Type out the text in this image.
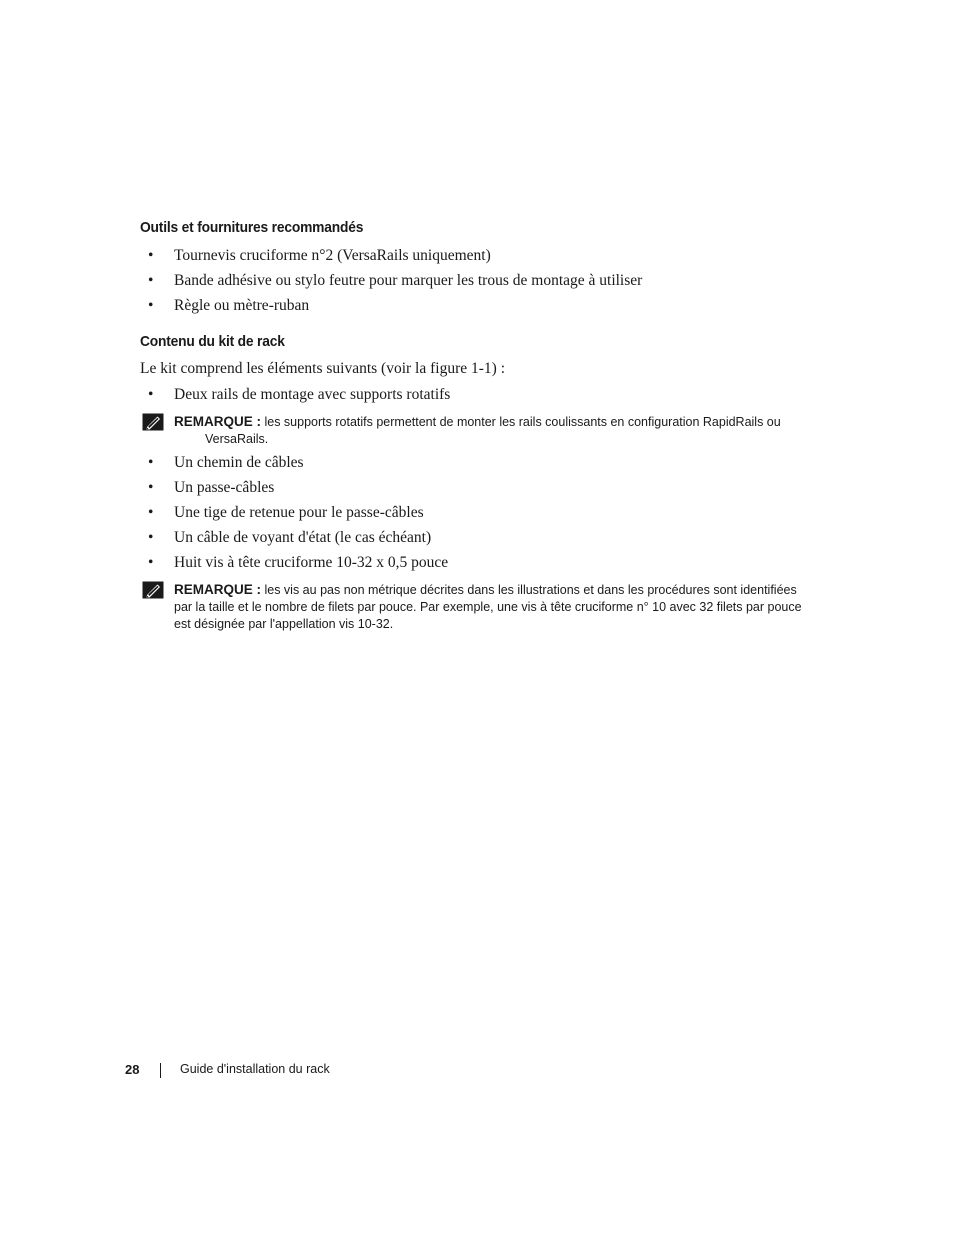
Outils et fournitures recommandés
• Tournevis cruciforme n°2 (VersaRails uniquement)
• Bande adhésive ou stylo feutre pour marquer les trous de montage à utiliser
• Règle ou mètre-ruban
Contenu du kit de rack

Le kit comprend les éléments suivants (voir la figure 1-1) :

• Deux rails de montage avec supports rotatifs
REMARQUE : les supports rotatifs permettent de monter les rails coulissants en configuration RapidRails ou
VersaRails.
• Un chemin de câbles
• Un passe-câbles
• Une tige de retenue pour le passe-câbles
• Un câble de voyant d'état (le cas échéant)
• Huit vis à tête cruciforme 10-32 x 0,5 pouce
REMARQUE : les vis au pas non métrique décrites dans les illustrations et dans les procédures sont identifiées
par la taille et le nombre de filets par pouce. Par exemple, une vis à tête cruciforme n° 10 avec 32 filets par pouce
est désignée par l'appellation vis 10-32.
28	Guide d'installation du rack
